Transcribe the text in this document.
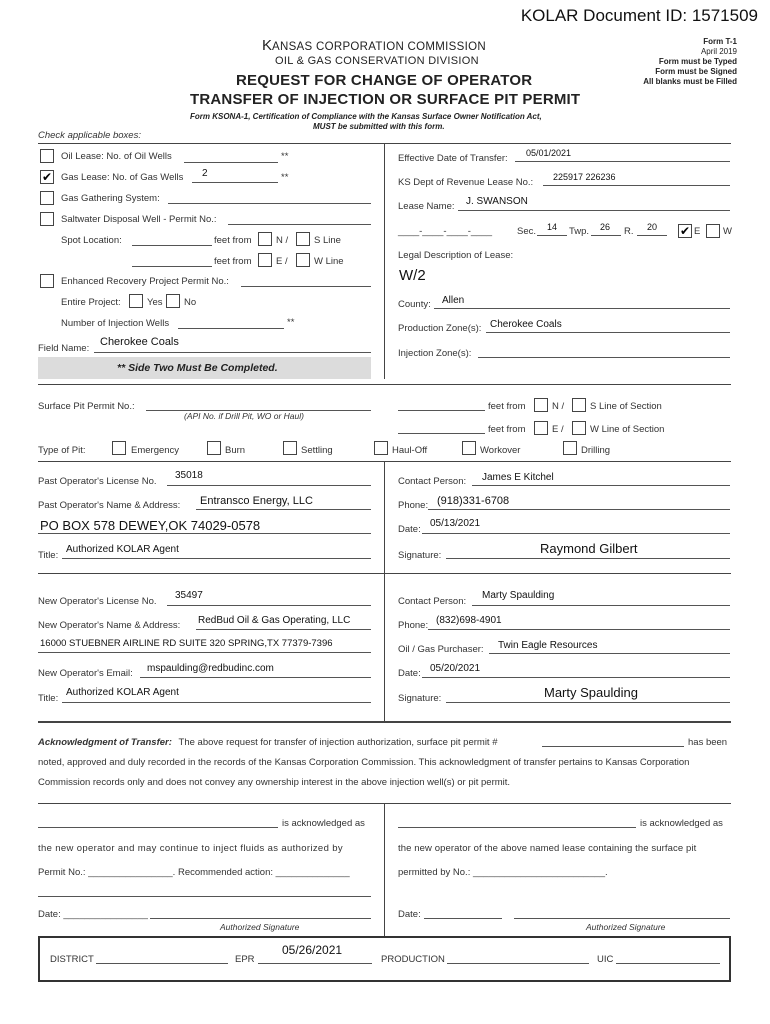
KOLAR Document ID: 1571509
KANSAS CORPORATION COMMISSION
OIL & GAS CONSERVATION DIVISION
REQUEST FOR CHANGE OF OPERATOR
TRANSFER OF INJECTION OR SURFACE PIT PERMIT
Form T-1
April 2019
Form must be Typed
Form must be Signed
All blanks must be Filled
Form KSONA-1, Certification of Compliance with the Kansas Surface Owner Notification Act,
MUST be submitted with this form.
Check applicable boxes:
Oil Lease: No. of Oil Wells	**
✔ Gas Lease: No. of Gas Wells 2	**
Gas Gathering System:
Saltwater Disposal Well - Permit No.:
Spot Location:	feet from	N /	S Line
feet from	E /	W Line
Enhanced Recovery Project Permit No.:
Entire Project:	Yes No
Number of Injection Wells	**
Field Name:
Cherokee Coals
** Side Two Must Be Completed.
Effective Date of Transfer: 05/01/2021
KS Dept of Revenue Lease No.: 225917 226236
Lease Name: J. SWANSON
____-____-____-____	Sec. 14 Twp. 26 R. 20 ✔ E W
Legal Description of Lease:
W/2
County: Allen
Production Zone(s): Cherokee Coals
Injection Zone(s):
Surface Pit Permit No.:
(API No. if Drill Pit, WO or Haul)
feet from	N /	S Line of Section
feet from	E /	W Line of Section
Type of Pit:	Emergency	Burn	Settling	Haul-Off	Workover	Drilling
Past Operator's License No.
35018
Contact Person: James E Kitchel
Past Operator's Name & Address: Entransco Energy, LLC	Phone: (918)331-6708
PO BOX 578 DEWEY,OK 74029-0578	Date:
05/13/2021
Title:
Authorized KOLAR Agent
Signature:	Raymond Gilbert
New Operator's License No.
35497
Contact Person:
Marty Spaulding
New Operator's Name & Address: RedBud Oil & Gas Operating, LLC	Phone: (832)698-4901
16000 STUEBNER AIRLINE RD SUITE 320 SPRING,TX 77379-7396
Oil / Gas Purchaser: Twin Eagle Resources
New Operator's Email: mspaulding@redbudinc.com	Date: 05/20/2021
Title:
Authorized KOLAR Agent
Signature:	Marty Spaulding
Acknowledgment of Transfer: The above request for transfer of injection authorization, surface pit permit #	has been
noted, approved and duly recorded in the records of the Kansas Corporation Commission. This acknowledgment of transfer pertains to Kansas Corporation
Commission records only and does not convey any ownership interest in the above injection well(s) or pit permit.
is acknowledged as
the new operator and may continue to inject fluids as authorized by
Permit No.: ________________. Recommended action: ______________
Date: ________________
Authorized Signature
is acknowledged as
the new operator of the above named lease containing the surface pit
permitted by No.: _________________________.
Date:
Authorized Signature
DISTRICT	EPR
05/26/2021
PRODUCTION	UIC
